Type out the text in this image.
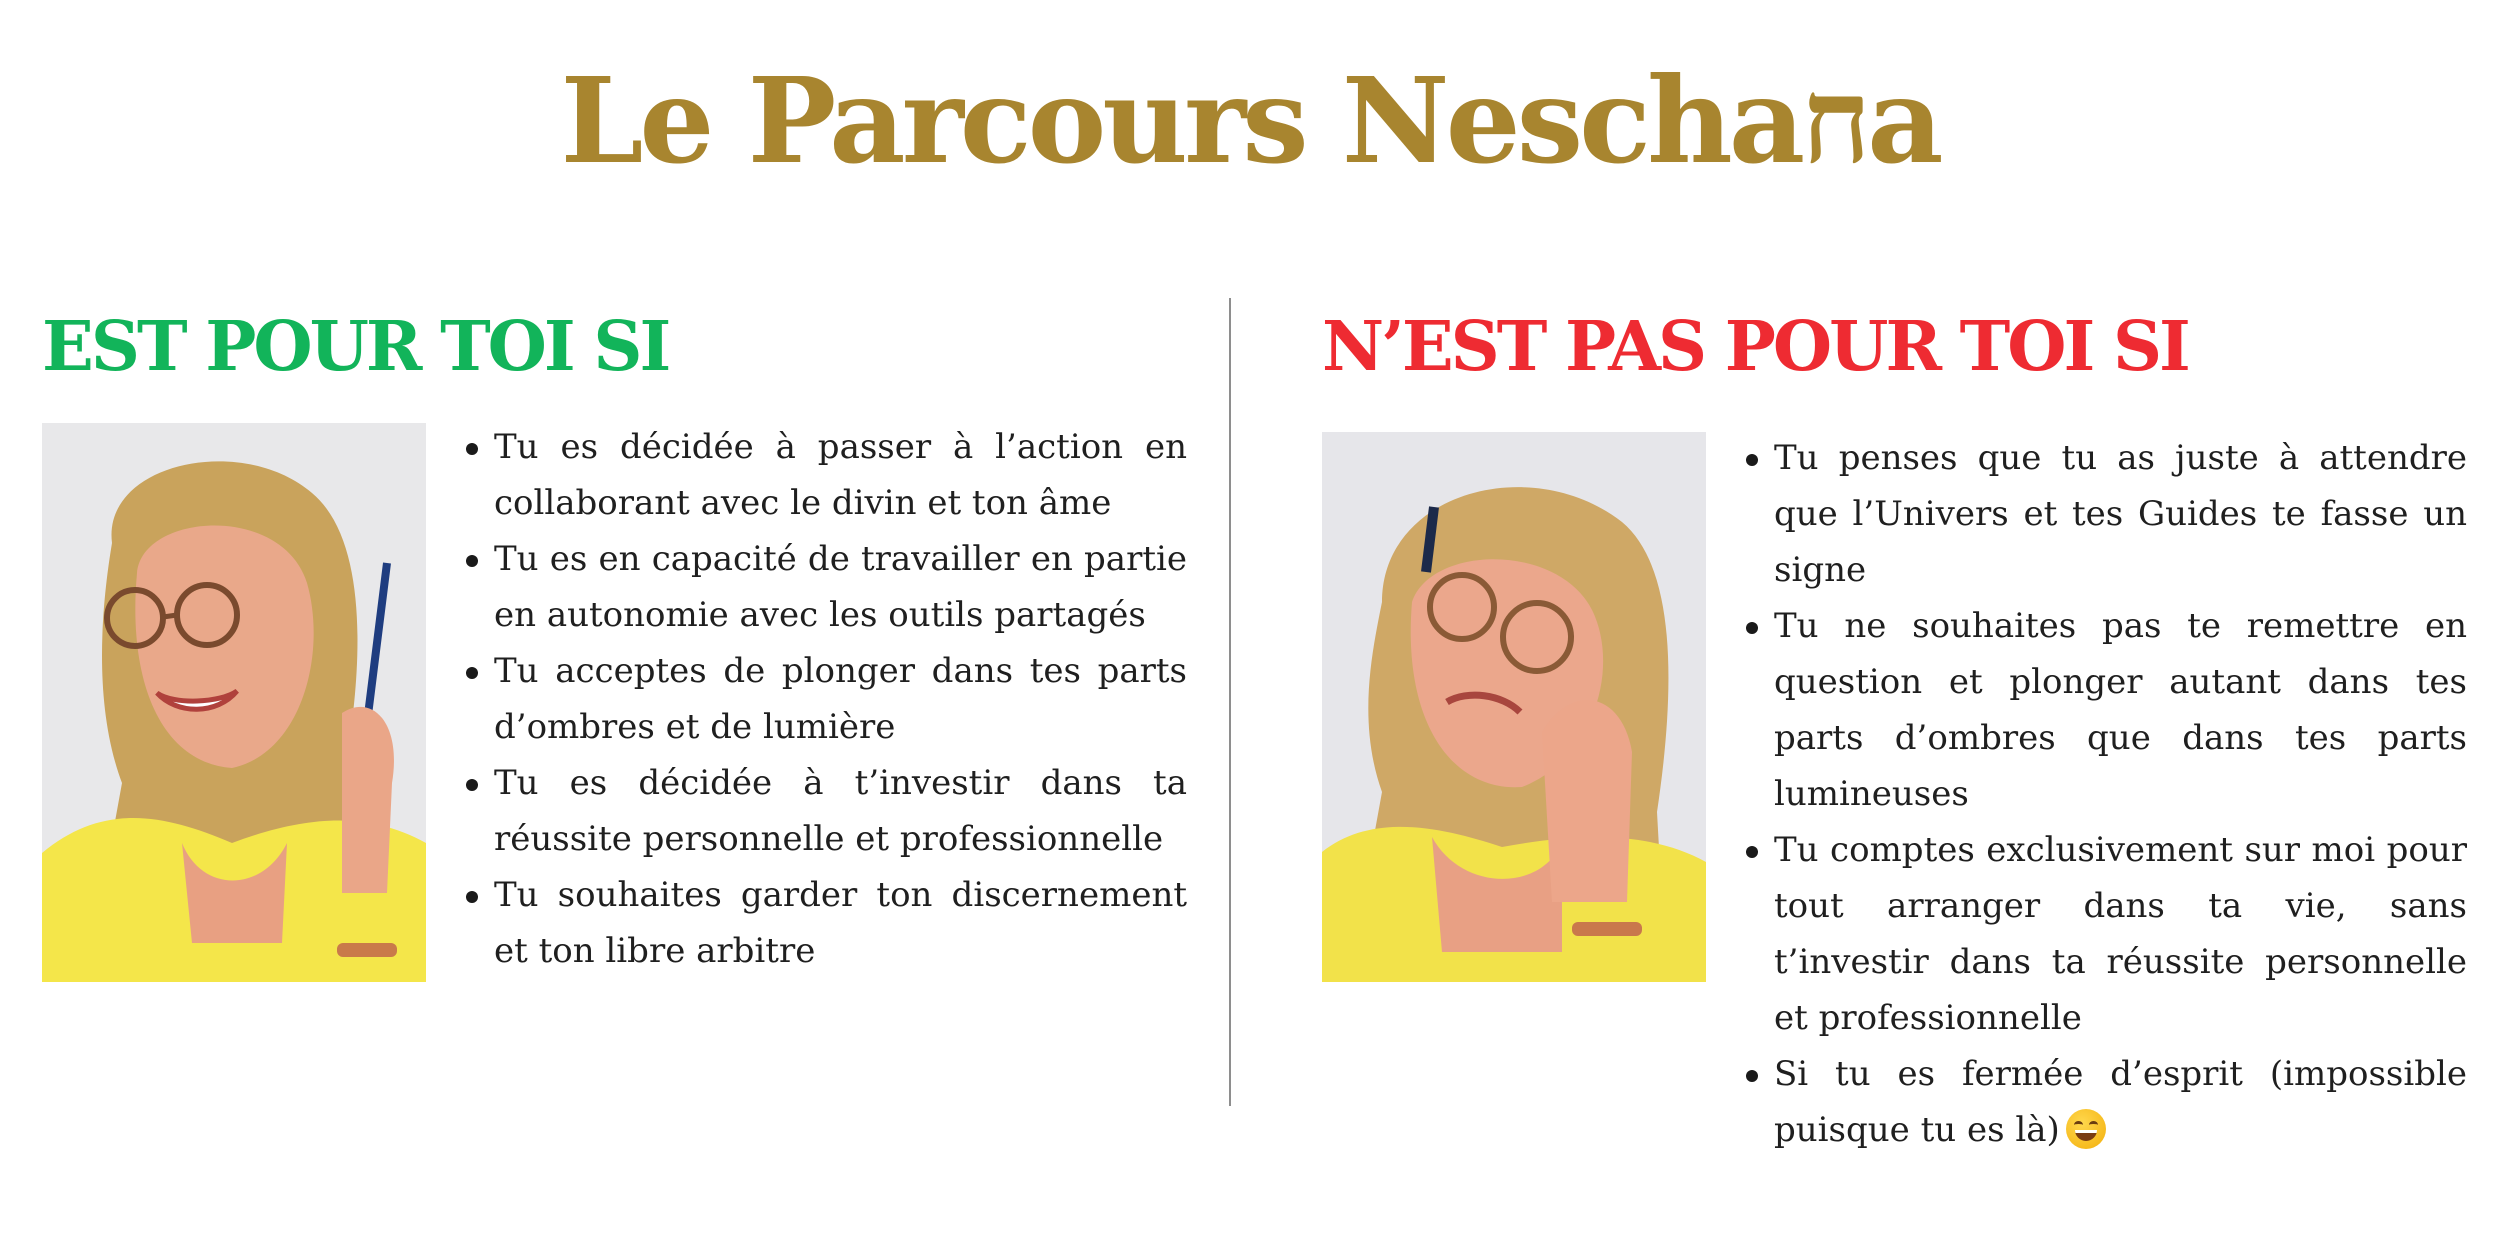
Le Parcours Neschaחa
EST POUR TOI SI
Tu es décidée à passer à l’action en collaborant avec le divin et ton âme
Tu es en capacité de travailler en partie en autonomie avec les outils partagés
Tu acceptes de plonger dans tes parts d’ombres et de lumière
Tu es décidée à t’investir dans ta réussite personnelle et professionnelle
Tu souhaites garder ton discernement et ton libre arbitre
N’EST PAS POUR TOI SI
Tu penses que tu as juste à attendre que l’Univers et tes Guides te fasse un signe
Tu ne souhaites pas te remettre en question et plonger autant dans tes parts d’ombres que dans tes parts lumineuses
Tu comptes exclusivement sur moi pour tout arranger dans ta vie, sans t’investir dans ta réussite personnelle et professionnelle
Si tu es fermée d’esprit (impossible puisque tu es là)
